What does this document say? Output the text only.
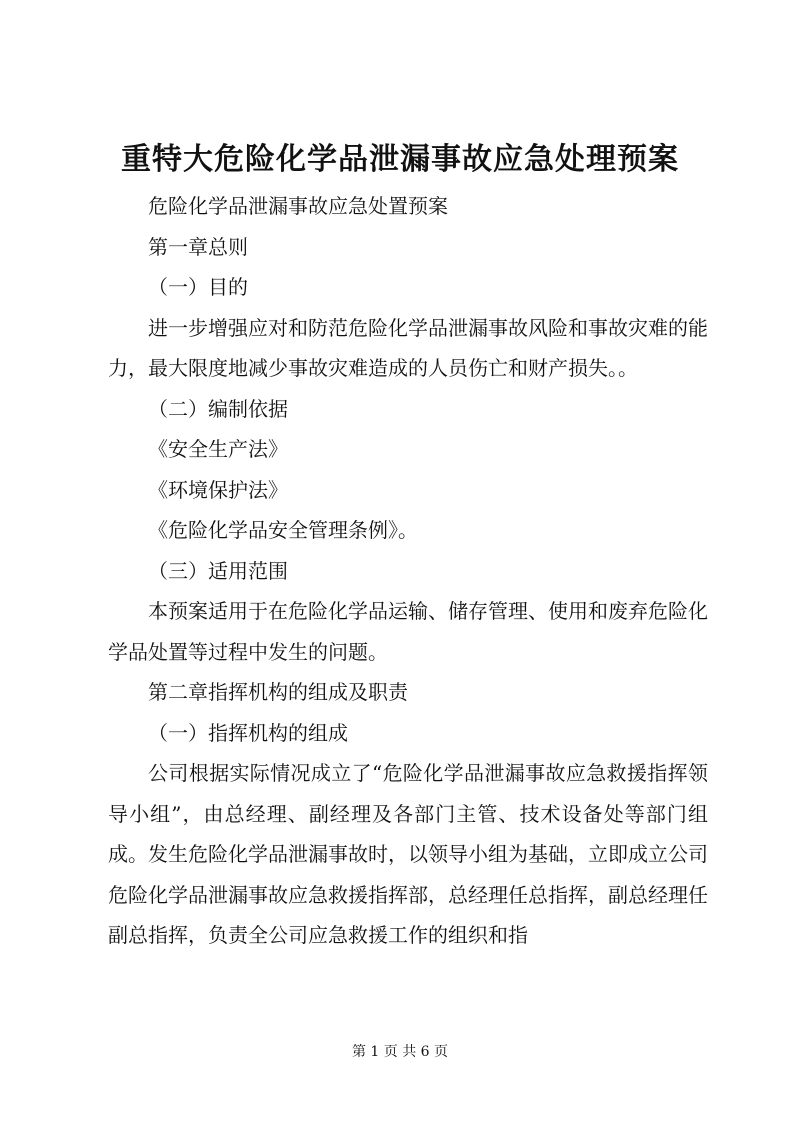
重特大危险化学品泄漏事故应急处理预案

危险化学品泄漏事故应急处置预案

第一章总则

（一）目的

进一步增强应对和防范危险化学品泄漏事故风险和事故灾难的能力，最大限度地减少事故灾难造成的人员伤亡和财产损失。。

（二）编制依据

《安全生产法》

《环境保护法》

《危险化学品安全管理条例》。

（三）适用范围

本预案适用于在危险化学品运输、储存管理、使用和废弃危险化学品处置等过程中发生的问题。

第二章指挥机构的组成及职责

（一）指挥机构的组成

公司根据实际情况成立了“危险化学品泄漏事故应急救援指挥领导小组”，由总经理、副经理及各部门主管、技术设备处等部门组成。发生危险化学品泄漏事故时，以领导小组为基础，立即成立公司危险化学品泄漏事故应急救援指挥部，总经理任总指挥，副总经理任副总指挥，负责全公司应急救援工作的组织和指

第 1 页 共 6 页
